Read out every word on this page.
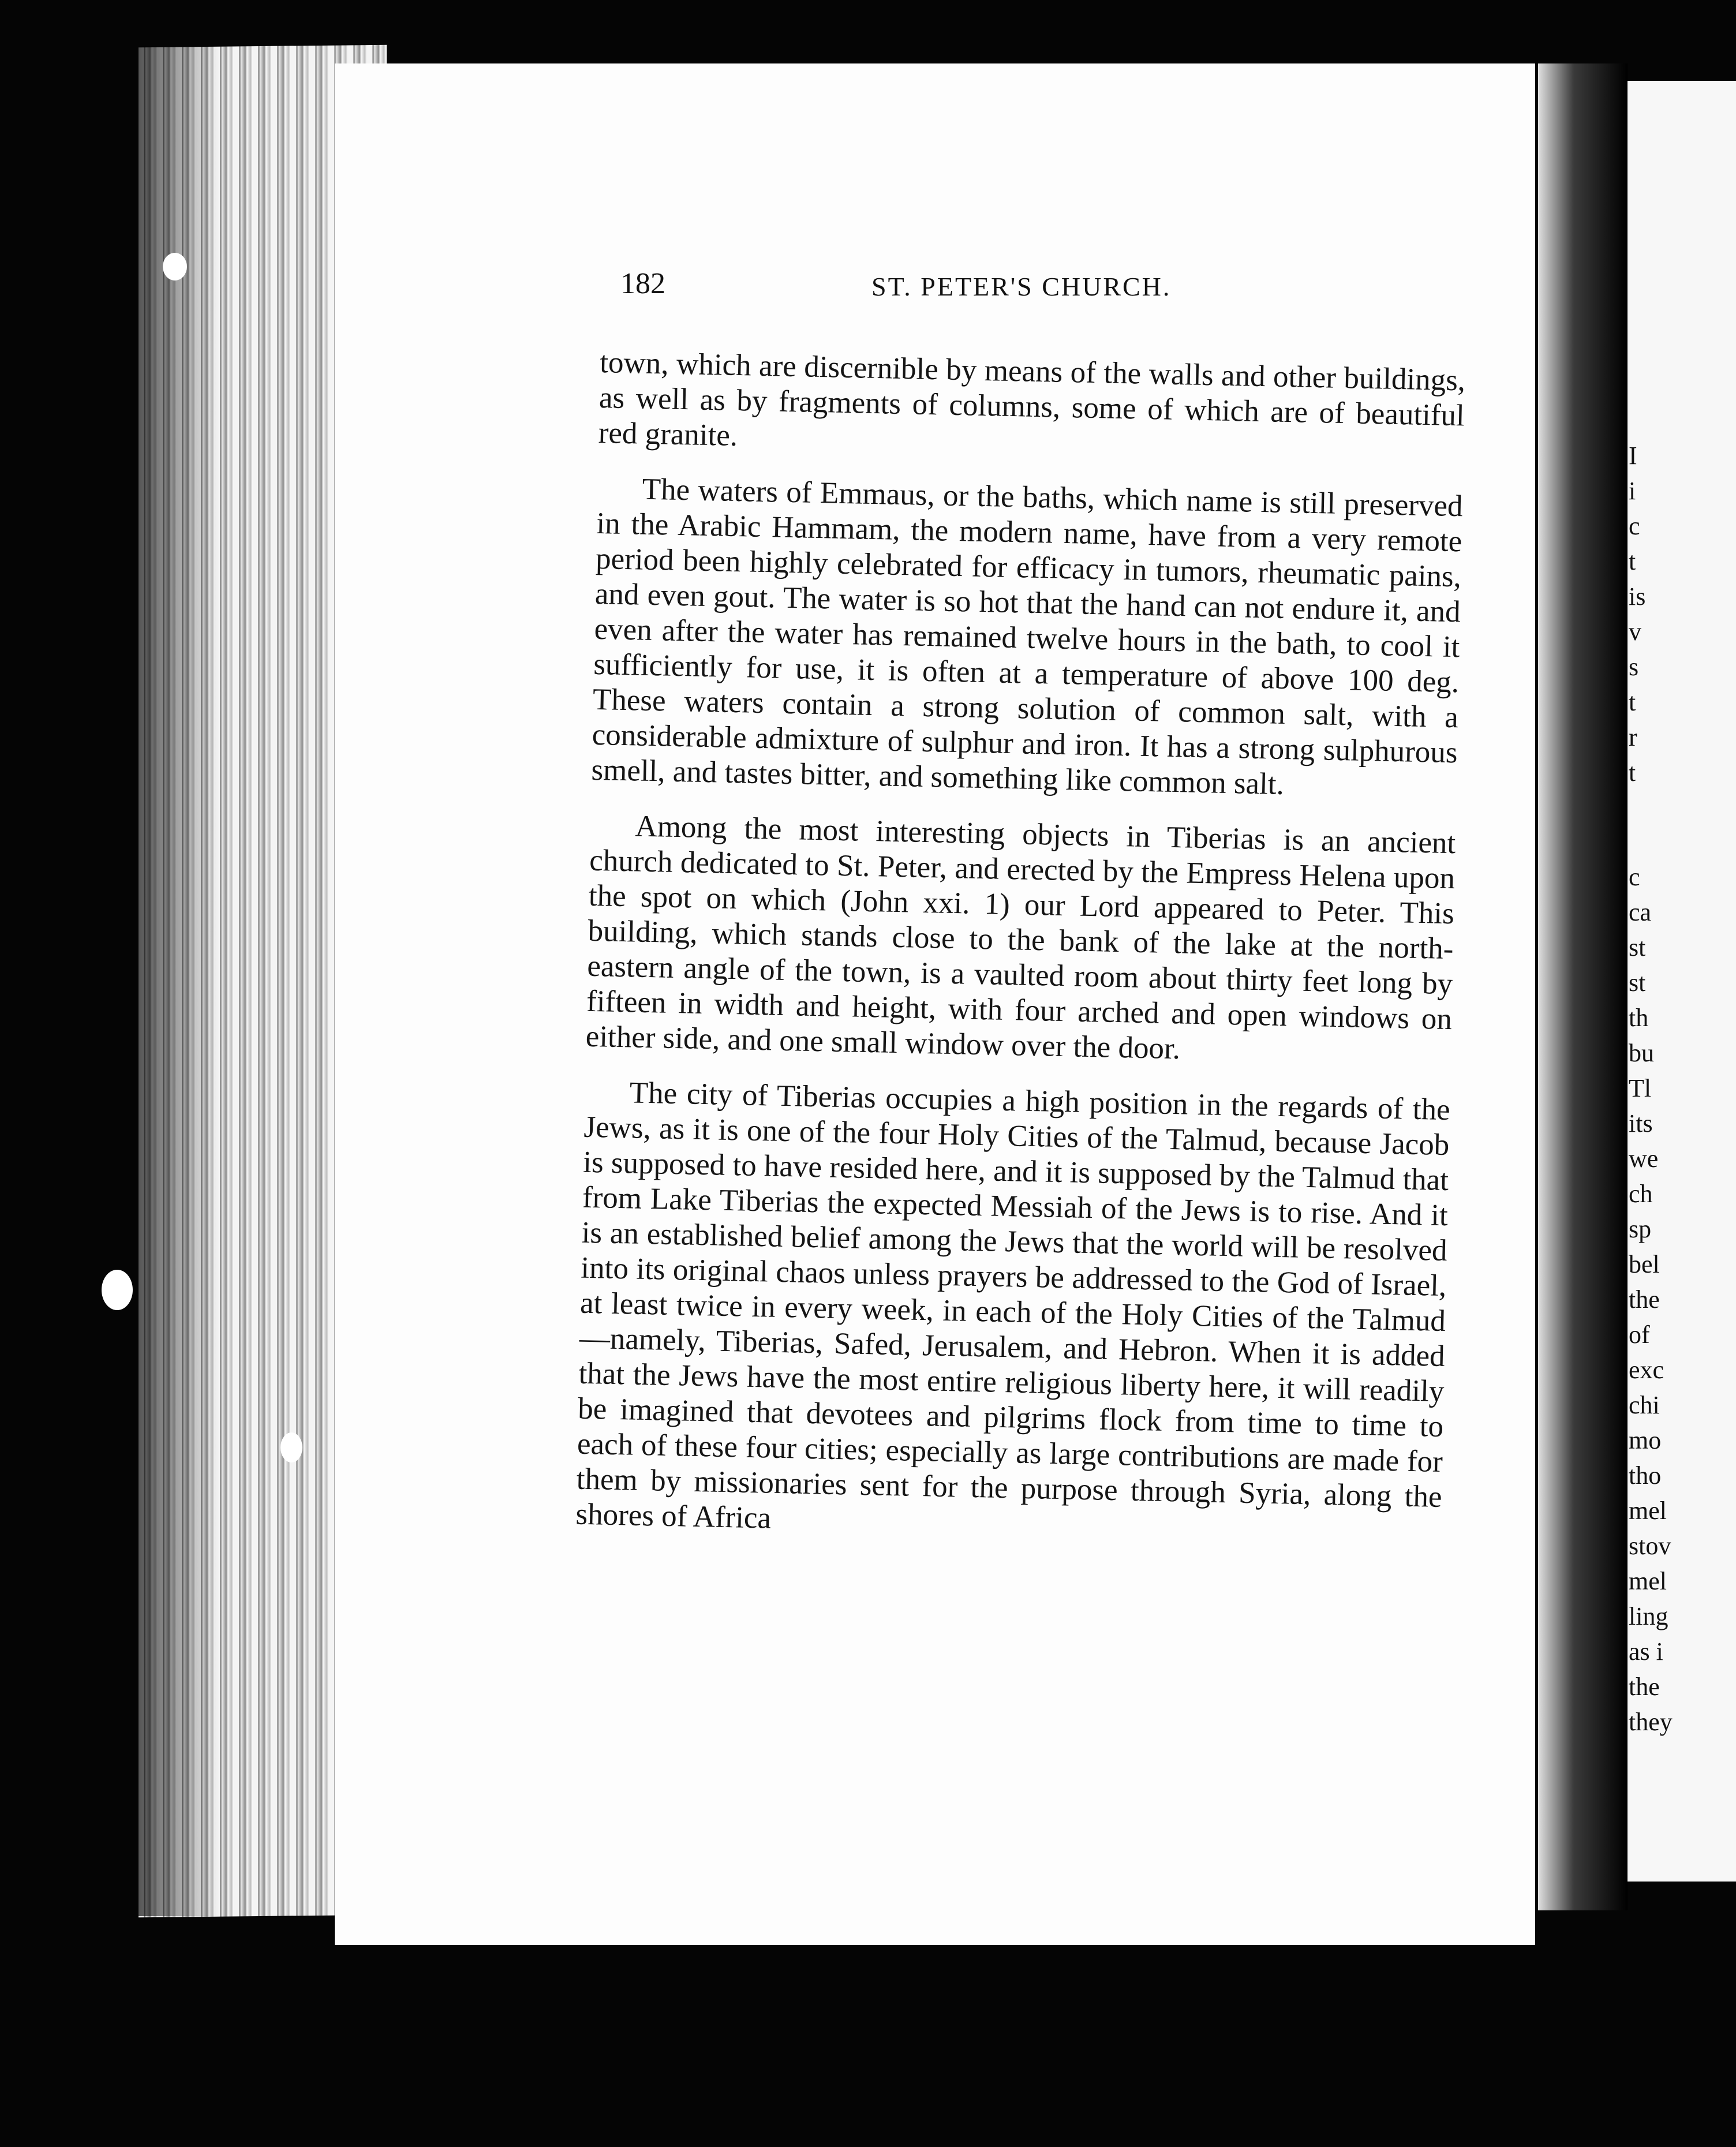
I
i
c
t
is
v
s
t
r
t
c
ca
st
st
th
bu
Tl
its
we
ch
sp
bel
the
of
exc
chi
mo
tho
mel
stov
mel
ling
as i
the
they
182	ST. PETER'S CHURCH.

town, which are discernible by means of the walls and other buildings, as well as by fragments of columns, some of which are of beautiful red granite.

The waters of Emmaus, or the baths, which name is still preserved in the Arabic Hammam, the modern name, have from a very remote period been highly celebrated for efficacy in tumors, rheumatic pains, and even gout. The water is so hot that the hand can not endure it, and even after the water has remained twelve hours in the bath, to cool it sufficiently for use, it is often at a temperature of above 100 deg. These waters contain a strong solution of common salt, with a considerable admixture of sulphur and iron. It has a strong sulphurous smell, and tastes bitter, and something like common salt.

Among the most interesting objects in Tiberias is an ancient church dedicated to St. Peter, and erected by the Empress Helena upon the spot on which (John xxi. 1) our Lord appeared to Peter. This building, which stands close to the bank of the lake at the north-eastern angle of the town, is a vaulted room about thirty feet long by fifteen in width and height, with four arched and open windows on either side, and one small window over the door.

The city of Tiberias occupies a high position in the regards of the Jews, as it is one of the four Holy Cities of the Talmud, because Jacob is supposed to have resided here, and it is supposed by the Talmud that from Lake Tiberias the expected Messiah of the Jews is to rise. And it is an established belief among the Jews that the world will be resolved into its original chaos unless prayers be addressed to the God of Israel, at least twice in every week, in each of the Holy Cities of the Talmud—namely, Tiberias, Safed, Jerusalem, and Hebron. When it is added that the Jews have the most entire religious liberty here, it will readily be imagined that devotees and pilgrims flock from time to time to each of these four cities; especially as large contributions are made for them by missionaries sent for the purpose through Syria, along the shores of Africa
